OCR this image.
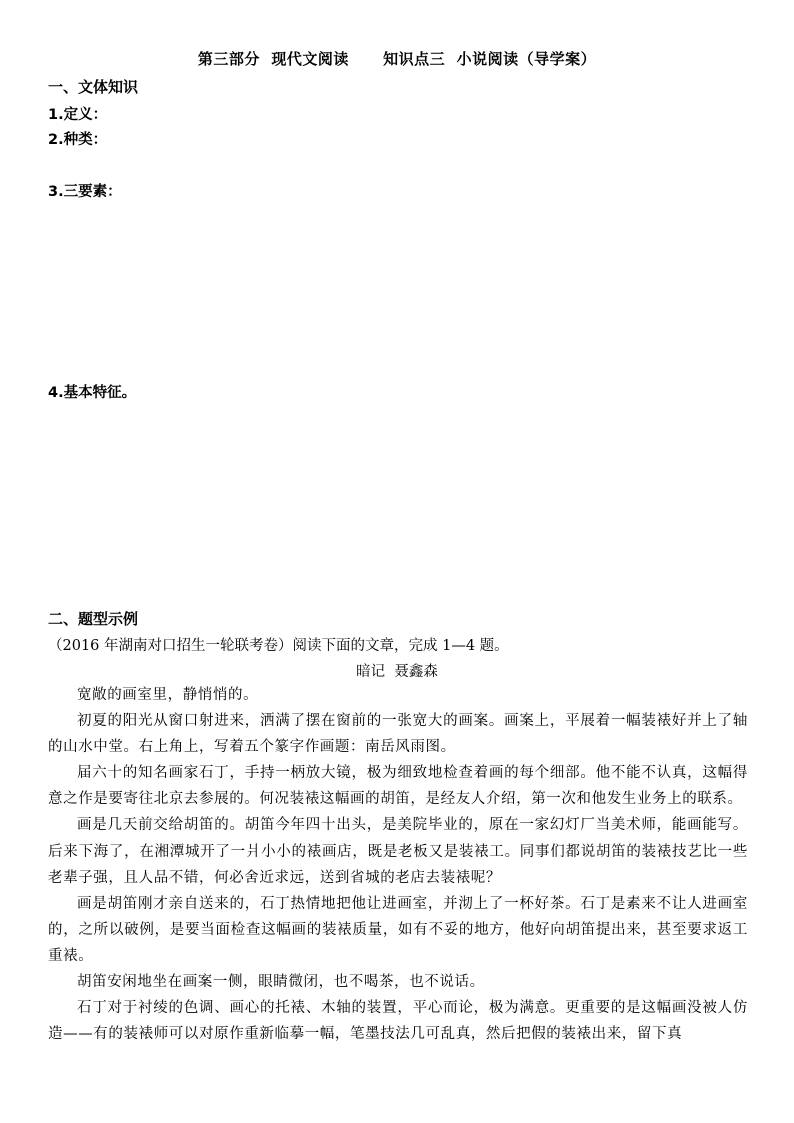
第三部分 现代文阅读 知识点三 小说阅读（导学案）
一、文体知识
1.定义：
2.种类：
3.三要素：
4.基本特征。
二、题型示例
（2016 年湖南对口招生一轮联考卷）阅读下面的文章，完成 1—4 题。
暗记 聂鑫森

宽敞的画室里，静悄悄的。

初夏的阳光从窗口射进来，洒满了摆在窗前的一张宽大的画案。画案上，平展着一幅装裱好并上了轴的山水中堂。右上角上，写着五个篆字作画题：南岳风雨图。

届六十的知名画家石丁，手持一柄放大镜，极为细致地检查着画的每个细部。他不能不认真，这幅得意之作是要寄往北京去参展的。何况装裱这幅画的胡笛，是经友人介绍，第一次和他发生业务上的联系。

画是几天前交给胡笛的。胡笛今年四十出头，是美院毕业的，原在一家幻灯厂当美术师，能画能写。后来下海了，在湘潭城开了一爿小小的裱画店，既是老板又是装裱工。同事们都说胡笛的装裱技艺比一些老辈子强，且人品不错，何必舍近求远，送到省城的老店去装裱呢？

画是胡笛刚才亲自送来的，石丁热情地把他让进画室，并沏上了一杯好茶。石丁是素来不让人进画室的，之所以破例，是要当面检查这幅画的装裱质量，如有不妥的地方，他好向胡笛提出来，甚至要求返工重裱。

胡笛安闲地坐在画案一侧，眼睛微闭，也不喝茶，也不说话。

石丁对于衬绫的色调、画心的托裱、木轴的装置，平心而论，极为满意。更重要的是这幅画没被人仿造——有的装裱师可以对原作重新临摹一幅，笔墨技法几可乱真，然后把假的装裱出来，留下真
